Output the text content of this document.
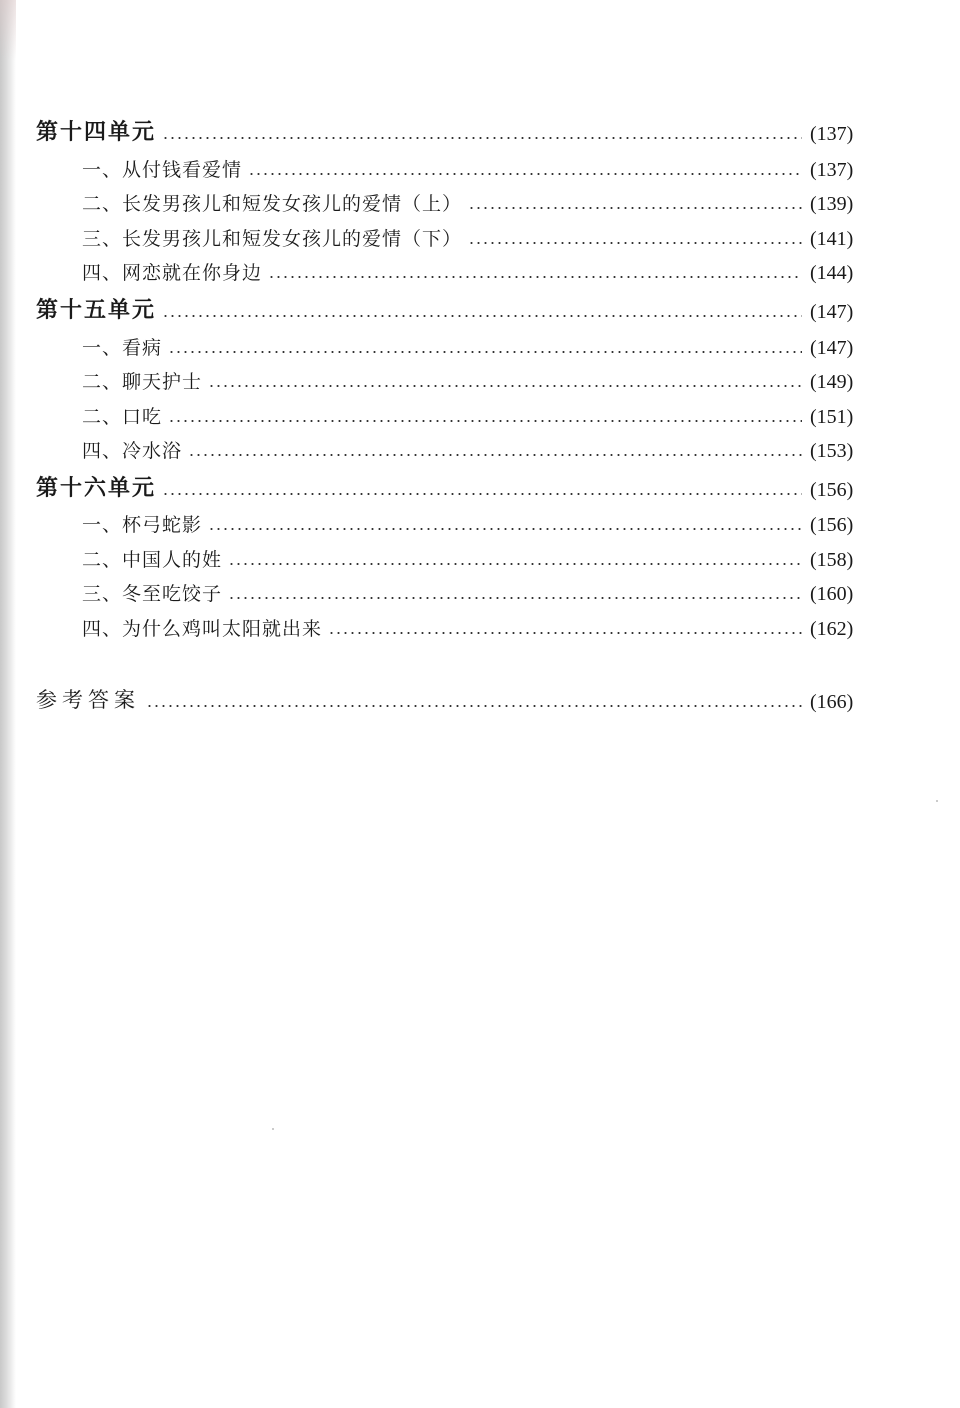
第十四单元	(137)
一、从付钱看爱情	(137)
二、长发男孩儿和短发女孩儿的爱情（上）	(139)
三、长发男孩儿和短发女孩儿的爱情（下）	(141)
四、网恋就在你身边	(144)
第十五单元	(147)
一、看病	(147)
二、聊天护士	(149)
二、口吃	(151)
四、冷水浴	(153)
第十六单元	(156)
一、杯弓蛇影	(156)
二、中国人的姓	(158)
三、冬至吃饺子	(160)
四、为什么鸡叫太阳就出来	(162)
参考答案	(166)
